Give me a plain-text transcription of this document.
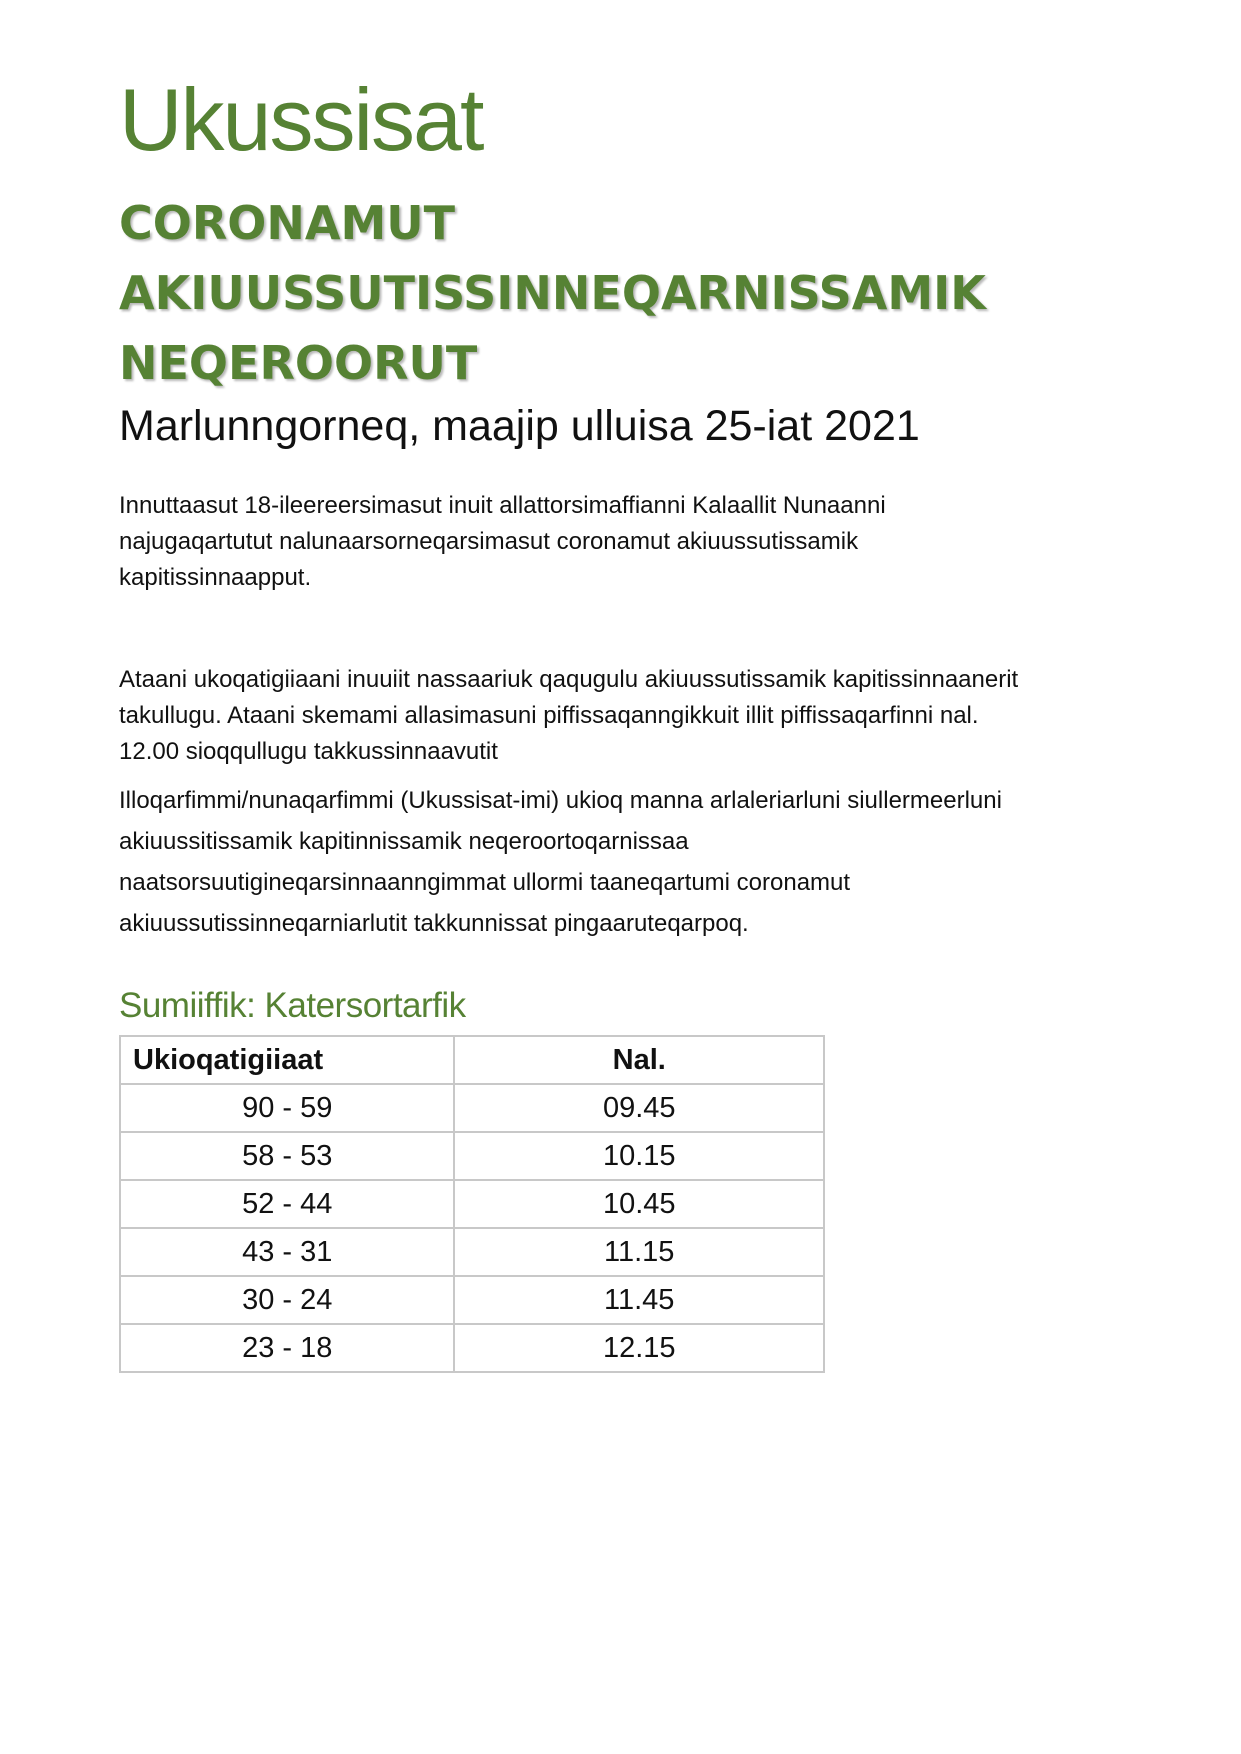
Ukussisat
CORONAMUT
AKIUUSSUTISSINNEQARNISSAMIK
NEQEROORUT

Marlunngorneq, maajip ulluisa 25-iat 2021

Innuttaasut 18-ileereersimasut inuit allattorsimaffianni Kalaallit Nunaanni
najugaqartutut nalunaarsorneqarsimasut coronamut akiuussutissamik
kapitissinnaapput.

Ataani ukoqatigiiaani inuuiit nassaariuk qaqugulu akiuussutissamik kapitissinnaanerit
takullugu. Ataani skemami allasimasuni piffissaqanngikkuit illit piffissaqarfinni nal.
12.00 sioqqullugu takkussinnaavutit

Illoqarfimmi/nunaqarfimmi (Ukussisat-imi) ukioq manna arlaleriarluni siullermeerluni
akiuussitissamik kapitinnissamik neqeroortoqarnissaa
naatsorsuutigineqarsinnaanngimmat ullormi taaneqartumi coronamut
akiuussutissinneqarniarlutit takkunnissat pingaaruteqarpoq.

Sumiiffik: Katersortarfik
Ukioqatigiiaat	Nal.
90 - 59	09.45
58 - 53	10.15
52 - 44	10.45
43 - 31	11.15
30 - 24	11.45
23 - 18	12.15
